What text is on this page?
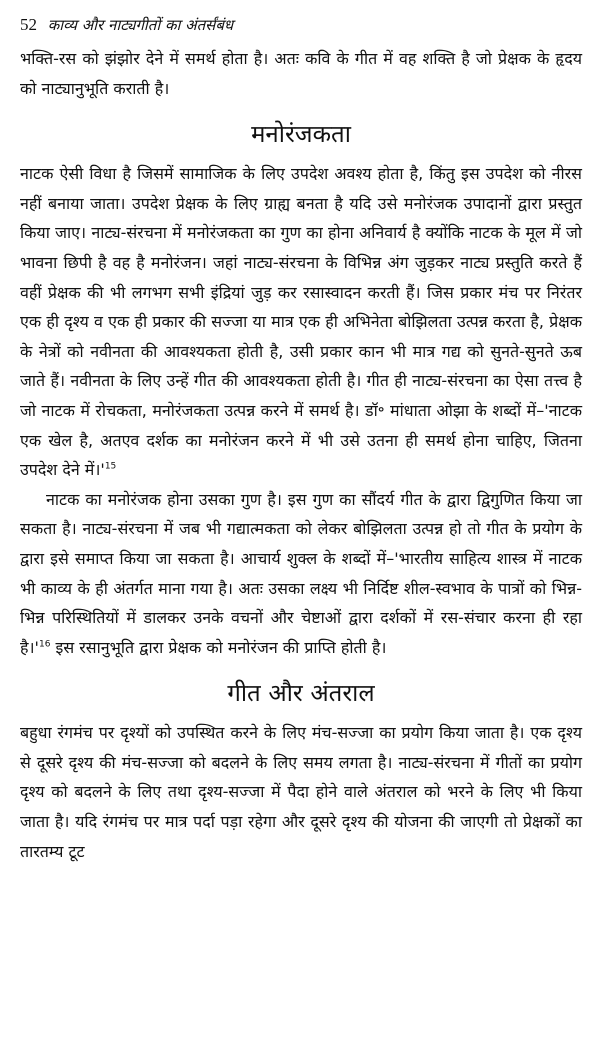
52 काव्य और नाट्यगीतों का अंतर्संबंध

भक्ति-रस को झंझोर देने में समर्थ होता है। अतः कवि के गीत में वह शक्ति है जो प्रेक्षक के हृदय को नाट्यानुभूति कराती है।

मनोरंजकता

नाटक ऐसी विधा है जिसमें सामाजिक के लिए उपदेश अवश्य होता है, किंतु इस उपदेश को नीरस नहीं बनाया जाता। उपदेश प्रेक्षक के लिए ग्राह्य बनता है यदि उसे मनोरंजक उपादानों द्वारा प्रस्तुत किया जाए। नाट्य-संरचना में मनोरंजकता का गुण का होना अनिवार्य है क्योंकि नाटक के मूल में जो भावना छिपी है वह है मनोरंजन। जहां नाट्य-संरचना के विभिन्न अंग जुड़कर नाट्य प्रस्तुति करते हैं वहीं प्रेक्षक की भी लगभग सभी इंद्रियां जुड़ कर रसास्वादन करती हैं। जिस प्रकार मंच पर निरंतर एक ही दृश्य व एक ही प्रकार की सज्जा या मात्र एक ही अभिनेता बोझिलता उत्पन्न करता है, प्रेक्षक के नेत्रों को नवीनता की आवश्यकता होती है, उसी प्रकार कान भी मात्र गद्य को सुनते-सुनते ऊब जाते हैं। नवीनता के लिए उन्हें गीत की आवश्यकता होती है। गीत ही नाट्य-संरचना का ऐसा तत्त्व है जो नाटक में रोचकता, मनोरंजकता उत्पन्न करने में समर्थ है। डॉ॰ मांधाता ओझा के शब्दों में–'नाटक एक खेल है, अतएव दर्शक का मनोरंजन करने में भी उसे उतना ही समर्थ होना चाहिए, जितना उपदेश देने $में।'^{15}$

नाटक का मनोरंजक होना उसका गुण है। इस गुण का सौंदर्य गीत के द्वारा द्विगुणित किया जा सकता है। नाट्य-संरचना में जब भी गद्यात्मकता को लेकर बोझिलता उत्पन्न हो तो गीत के प्रयोग के द्वारा इसे समाप्त किया जा सकता है। आचार्य शुक्ल के शब्दों में–'भारतीय साहित्य शास्त्र में नाटक भी काव्य के ही अंतर्गत माना गया है। अतः उसका लक्ष्य भी निर्दिष्ट शील-स्वभाव के पात्रों को भिन्न-भिन्न परिस्थितियों में डालकर उनके वचनों और चेष्टाओं द्वारा दर्शकों में रस-संचार करना ही रहा $है।'^{16}$ इस रसानुभूति द्वारा प्रेक्षक को मनोरंजन की प्राप्ति होती है।

गीत और अंतराल

बहुधा रंगमंच पर दृश्यों को उपस्थित करने के लिए मंच-सज्जा का प्रयोग किया जाता है। एक दृश्य से दूसरे दृश्य की मंच-सज्जा को बदलने के लिए समय लगता है। नाट्य-संरचना में गीतों का प्रयोग दृश्य को बदलने के लिए तथा दृश्य-सज्जा में पैदा होने वाले अंतराल को भरने के लिए भी किया जाता है। यदि रंगमंच पर मात्र पर्दा पड़ा रहेगा और दूसरे दृश्य की योजना की जाएगी तो प्रेक्षकों का तारतम्य टूट
